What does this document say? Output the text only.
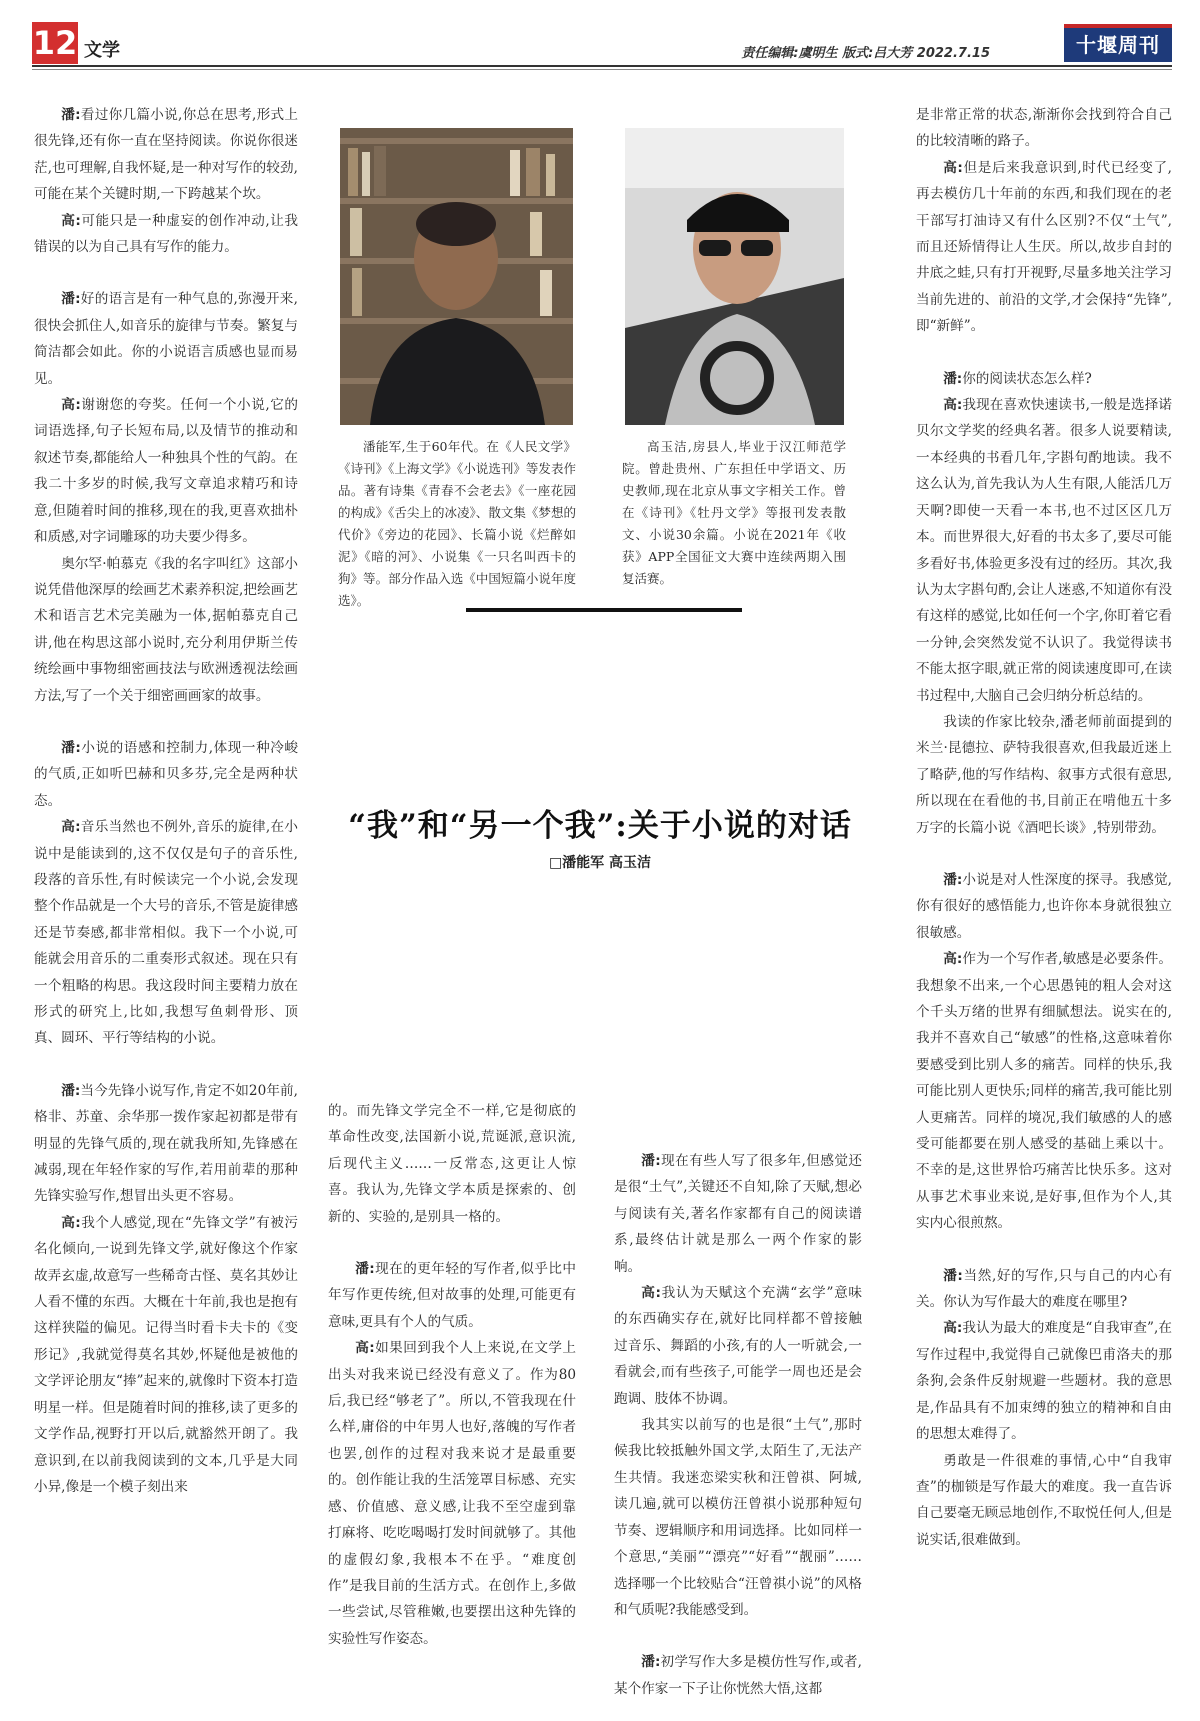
12 文学	责任编辑:虞明生 版式:吕大芳 2022.7.15	十堰周刊

潘:看过你几篇小说,你总在思考,形式上很先锋,还有你一直在坚持阅读。你说你很迷茫,也可理解,自我怀疑,是一种对写作的较劲,可能在某个关键时期,一下跨越某个坎。

高:可能只是一种虚妄的创作冲动,让我错误的以为自己具有写作的能力。

潘:好的语言是有一种气息的,弥漫开来,很快会抓住人,如音乐的旋律与节奏。繁复与简洁都会如此。你的小说语言质感也显而易见。

高:谢谢您的夸奖。任何一个小说,它的词语选择,句子长短布局,以及情节的推动和叙述节奏,都能给人一种独具个性的气韵。在我二十多岁的时候,我写文章追求精巧和诗意,但随着时间的推移,现在的我,更喜欢拙朴和质感,对字词雕琢的功夫要少得多。

奥尔罕·帕慕克《我的名字叫红》这部小说凭借他深厚的绘画艺术素养积淀,把绘画艺术和语言艺术完美融为一体,据帕慕克自己讲,他在构思这部小说时,充分利用伊斯兰传统绘画中事物细密画技法与欧洲透视法绘画方法,写了一个关于细密画画家的故事。

潘:小说的语感和控制力,体现一种冷峻的气质,正如听巴赫和贝多芬,完全是两种状态。

高:音乐当然也不例外,音乐的旋律,在小说中是能读到的,这不仅仅是句子的音乐性,段落的音乐性,有时候读完一个小说,会发现整个作品就是一个大号的音乐,不管是旋律感还是节奏感,都非常相似。我下一个小说,可能就会用音乐的二重奏形式叙述。现在只有一个粗略的构思。我这段时间主要精力放在形式的研究上,比如,我想写鱼刺骨形、顶真、圆环、平行等结构的小说。

潘:当今先锋小说写作,肯定不如20年前,格非、苏童、余华那一拨作家起初都是带有明显的先锋气质的,现在就我所知,先锋感在减弱,现在年轻作家的写作,若用前辈的那种先锋实验写作,想冒出头更不容易。

高:我个人感觉,现在“先锋文学”有被污名化倾向,一说到先锋文学,就好像这个作家故弄玄虚,故意写一些稀奇古怪、莫名其妙让人看不懂的东西。大概在十年前,我也是抱有这样狭隘的偏见。记得当时看卡夫卡的《变形记》,我就觉得莫名其妙,怀疑他是被他的文学评论朋友“捧”起来的,就像时下资本打造明星一样。但是随着时间的推移,读了更多的文学作品,视野打开以后,就豁然开朗了。我意识到,在以前我阅读到的文本,几乎是大同小异,像是一个模子刻出来

潘能军,生于60年代。在《人民文学》《诗刊》《上海文学》《小说选刊》等发表作品。著有诗集《青春不会老去》《一座花园的构成》《舌尖上的冰凌》、散文集《梦想的代价》《旁边的花园》、长篇小说《烂醉如泥》《暗的河》、小说集《一只名叫西卡的狗》等。部分作品入选《中国短篇小说年度选》。

高玉洁,房县人,毕业于汉江师范学院。曾赴贵州、广东担任中学语文、历史教师,现在北京从事文字相关工作。曾在《诗刊》《牡丹文学》等报刊发表散文、小说30余篇。小说在2021年《收获》APP全国征文大赛中连续两期入围复活赛。

“我”和“另一个我”:关于小说的对话
□潘能军 高玉洁

的。而先锋文学完全不一样,它是彻底的革命性改变,法国新小说,荒诞派,意识流,后现代主义……一反常态,这更让人惊喜。我认为,先锋文学本质是探索的、创新的、实验的,是别具一格的。

潘:现在的更年轻的写作者,似乎比中年写作更传统,但对故事的处理,可能更有意味,更具有个人的气质。

高:如果回到我个人上来说,在文学上出头对我来说已经没有意义了。作为80后,我已经“够老了”。所以,不管我现在什么样,庸俗的中年男人也好,落魄的写作者也罢,创作的过程对我来说才是最重要的。创作能让我的生活笼罩目标感、充实感、价值感、意义感,让我不至空虚到靠打麻将、吃吃喝喝打发时间就够了。其他的虚假幻象,我根本不在乎。“难度创作”是我目前的生活方式。在创作上,多做一些尝试,尽管稚嫩,也要摆出这种先锋的实验性写作姿态。

潘:现在有些人写了很多年,但感觉还是很“土气”,关键还不自知,除了天赋,想必与阅读有关,著名作家都有自己的阅读谱系,最终估计就是那么一两个作家的影响。

高:我认为天赋这个充满“玄学”意味的东西确实存在,就好比同样都不曾接触过音乐、舞蹈的小孩,有的人一听就会,一看就会,而有些孩子,可能学一周也还是会跑调、肢体不协调。

我其实以前写的也是很“土气”,那时候我比较抵触外国文学,太陌生了,无法产生共情。我迷恋梁实秋和汪曾祺、阿城,读几遍,就可以模仿汪曾祺小说那种短句节奏、逻辑顺序和用词选择。比如同样一个意思,“美丽”“漂亮”“好看”“靓丽”……选择哪一个比较贴合“汪曾祺小说”的风格和气质呢?我能感受到。

潘:初学写作大多是模仿性写作,或者,某个作家一下子让你恍然大悟,这都

是非常正常的状态,渐渐你会找到符合自己的比较清晰的路子。

高:但是后来我意识到,时代已经变了,再去模仿几十年前的东西,和我们现在的老干部写打油诗又有什么区别?不仅“土气”,而且还矫情得让人生厌。所以,故步自封的井底之蛙,只有打开视野,尽量多地关注学习当前先进的、前沿的文学,才会保持“先锋”,即“新鲜”。

潘:你的阅读状态怎么样?

高:我现在喜欢快速读书,一般是选择诺贝尔文学奖的经典名著。很多人说要精读,一本经典的书看几年,字斟句酌地读。我不这么认为,首先我认为人生有限,人能活几万天啊?即使一天看一本书,也不过区区几万本。而世界很大,好看的书太多了,要尽可能多看好书,体验更多没有过的经历。其次,我认为太字斟句酌,会让人迷惑,不知道你有没有这样的感觉,比如任何一个字,你盯着它看一分钟,会突然发觉不认识了。我觉得读书不能太抠字眼,就正常的阅读速度即可,在读书过程中,大脑自己会归纳分析总结的。

我读的作家比较杂,潘老师前面提到的米兰·昆德拉、萨特我很喜欢,但我最近迷上了略萨,他的写作结构、叙事方式很有意思,所以现在在看他的书,目前正在啃他五十多万字的长篇小说《酒吧长谈》,特别带劲。

潘:小说是对人性深度的探寻。我感觉,你有很好的感悟能力,也许你本身就很独立很敏感。

高:作为一个写作者,敏感是必要条件。我想象不出来,一个心思愚钝的粗人会对这个千头万绪的世界有细腻想法。说实在的,我并不喜欢自己“敏感”的性格,这意味着你要感受到比别人多的痛苦。同样的快乐,我可能比别人更快乐;同样的痛苦,我可能比别人更痛苦。同样的境况,我们敏感的人的感受可能都要在别人感受的基础上乘以十。不幸的是,这世界恰巧痛苦比快乐多。这对从事艺术事业来说,是好事,但作为个人,其实内心很煎熬。

潘:当然,好的写作,只与自己的内心有关。你认为写作最大的难度在哪里?

高:我认为最大的难度是“自我审查”,在写作过程中,我觉得自己就像巴甫洛夫的那条狗,会条件反射规避一些题材。我的意思是,作品具有不加束缚的独立的精神和自由的思想太难得了。

勇敢是一件很难的事情,心中“自我审查”的枷锁是写作最大的难度。我一直告诉自己要毫无顾忌地创作,不取悦任何人,但是说实话,很难做到。
